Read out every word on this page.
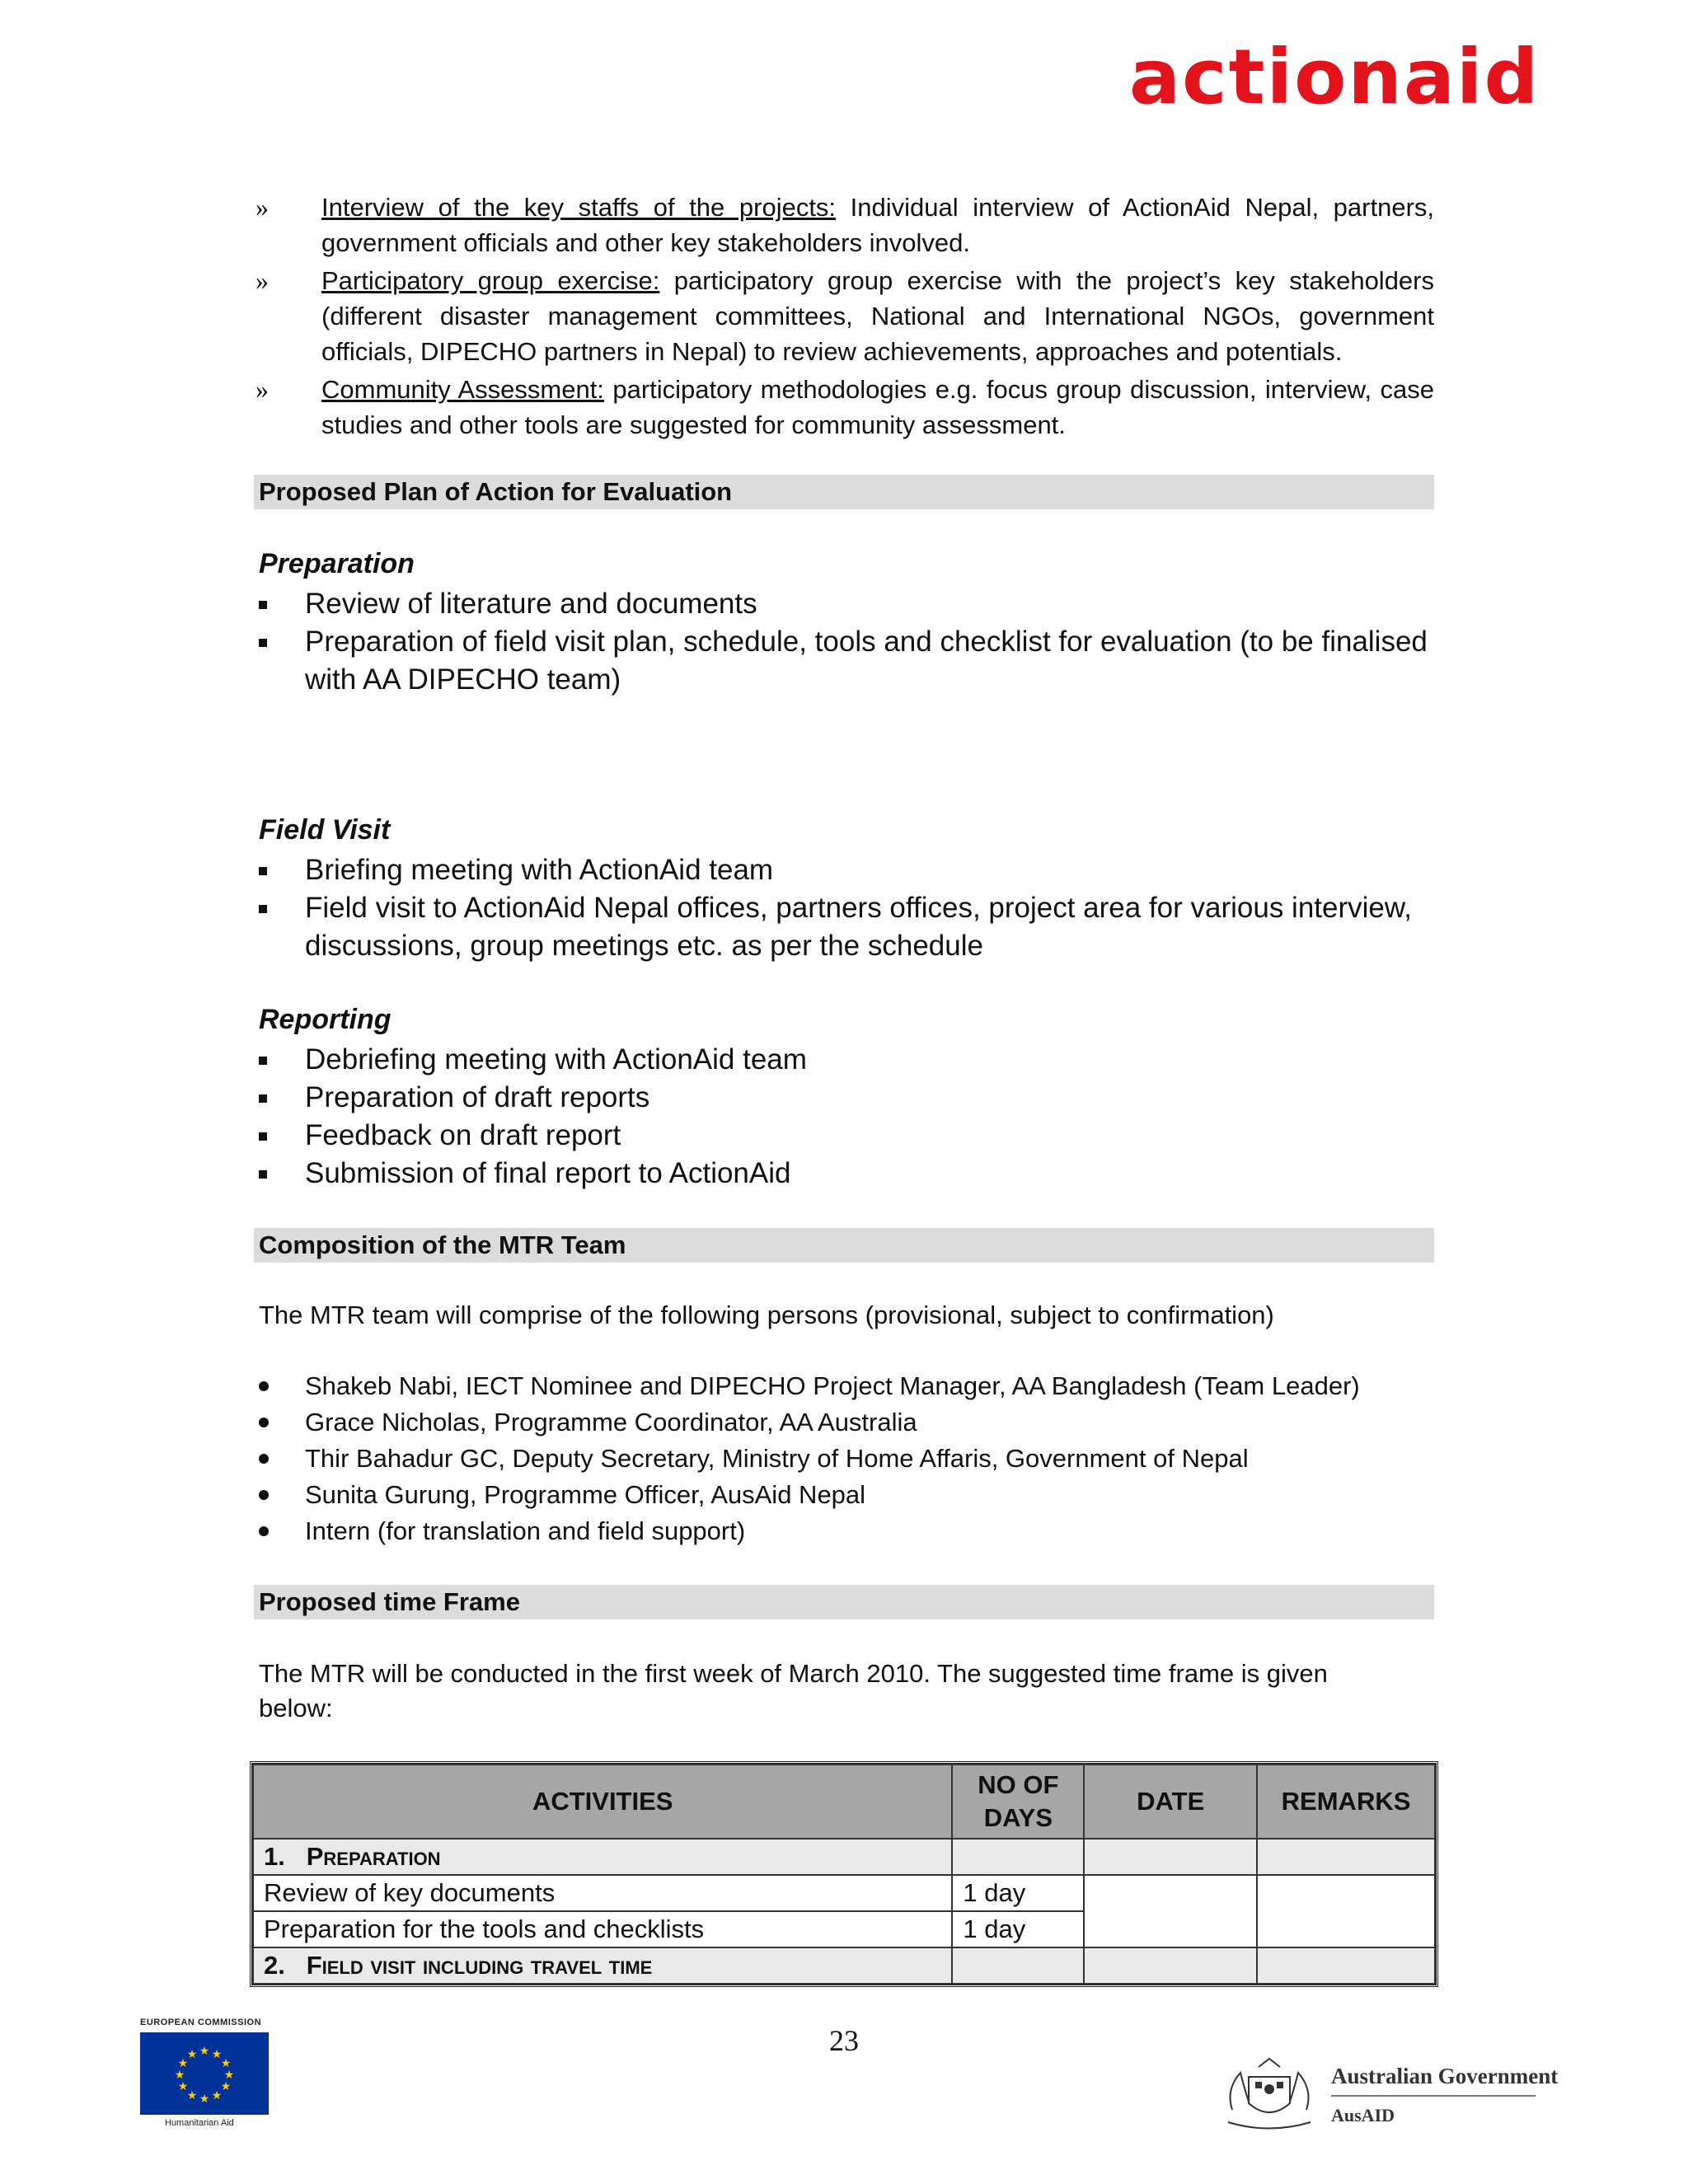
actionaid
» Interview of the key staffs of the projects: Individual interview of ActionAid Nepal, partners, government officials and other key stakeholders involved.
» Participatory group exercise: participatory group exercise with the project’s key stakeholders (different disaster management committees, National and International NGOs, government officials, DIPECHO partners in Nepal) to review achievements, approaches and potentials.
» Community Assessment: participatory methodologies e.g. focus group discussion, interview, case studies and other tools are suggested for community assessment.
Proposed Plan of Action for Evaluation
Preparation
Review of literature and documents
Preparation of field visit plan, schedule, tools and checklist for evaluation (to be finalised with AA DIPECHO team)
Field Visit
Briefing meeting with ActionAid team
Field visit to ActionAid Nepal offices, partners offices, project area for various interview, discussions, group meetings etc. as per the schedule
Reporting
Debriefing meeting with ActionAid team
Preparation of draft reports
Feedback on draft report
Submission of final report to ActionAid
Composition of the MTR Team
The MTR team will comprise of the following persons (provisional, subject to confirmation)
Shakeb Nabi, IECT Nominee and DIPECHO Project Manager, AA Bangladesh (Team Leader)
Grace Nicholas, Programme Coordinator, AA Australia
Thir Bahadur GC, Deputy Secretary, Ministry of Home Affaris, Government of Nepal
Sunita Gurung, Programme Officer, AusAid Nepal
Intern (for translation and field support)
Proposed time Frame
The MTR will be conducted in the first week of March 2010. The suggested time frame is given below:
ACTIVITIES	NO OF DAYS	DATE	REMARKS
1. Preparation			
Review of key documents	1 day		
Preparation for the tools and checklists	1 day		
2. Field visit including travel time			
23
EUROPEAN COMMISSION
★ ★
★
★
★
★
★
★
★
★
★
★
Humanitarian Aid
Australian Government
AusAID
